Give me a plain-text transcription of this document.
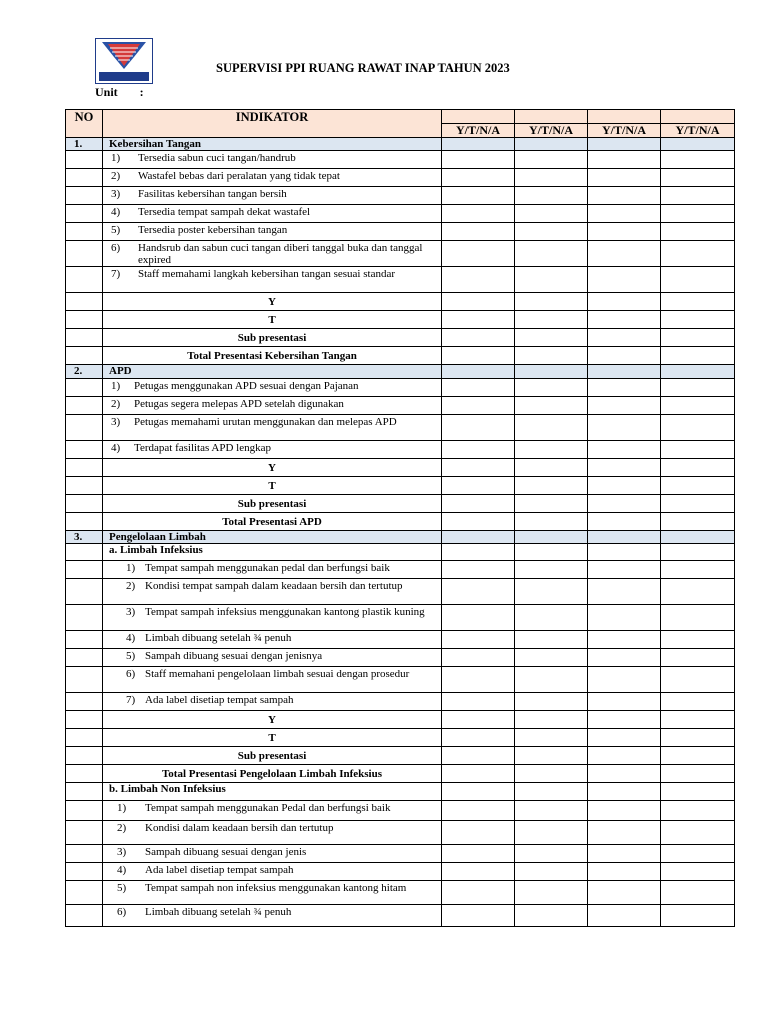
SUPERVISI PPI RUANG RAWAT INAP TAHUN 2023
Unit :
NO	INDIKATOR				
		Y/T/N/A	Y/T/N/A	Y/T/N/A	Y/T/N/A
1.	Kebersihan Tangan				

	1) Tersedia sabun cuci tangan/handrub				

	2) Wastafel bebas dari peralatan yang tidak tepat				

	3) Fasilitas kebersihan tangan bersih				

	4) Tersedia tempat sampah dekat wastafel				

	5) Tersedia poster kebersihan tangan				

	6) Handsrub dan sabun cuci tangan diberi tanggal buka dan tanggal expired				

	7) Staff memahami langkah kebersihan tangan sesuai standar				

	Y				
	T				
	Sub presentasi				
	Total Presentasi Kebersihan Tangan				
2.	APD				

	1) Petugas menggunakan APD sesuai dengan Pajanan				

	2) Petugas segera melepas APD setelah digunakan				

	3) Petugas memahami urutan menggunakan dan melepas APD				

	4) Terdapat fasilitas APD lengkap				

	Y				
	T				
	Sub presentasi				
	Total Presentasi APD				
3.	Pengelolaan Limbah				
	a. Limbah Infeksius				

	1) Tempat sampah menggunakan pedal dan berfungsi baik				

	2) Kondisi tempat sampah dalam keadaan bersih dan tertutup				

	3) Tempat sampah infeksius menggunakan kantong plastik kuning				

	4) Limbah dibuang setelah ¾ penuh				

	5) Sampah dibuang sesuai dengan jenisnya				

	6) Staff memahani pengelolaan limbah sesuai dengan prosedur				

	7) Ada label disetiap tempat sampah				

	Y				
	T				
	Sub presentasi				
	Total Presentasi Pengelolaan Limbah Infeksius				
	b. Limbah Non Infeksius				

	1) Tempat sampah menggunakan Pedal dan berfungsi baik				

	2) Kondisi dalam keadaan bersih dan tertutup				

	3) Sampah dibuang sesuai dengan jenis				

	4) Ada label disetiap tempat sampah				

	5) Tempat sampah non infeksius menggunakan kantong hitam				

	6) Limbah dibuang setelah ¾ penuh				
